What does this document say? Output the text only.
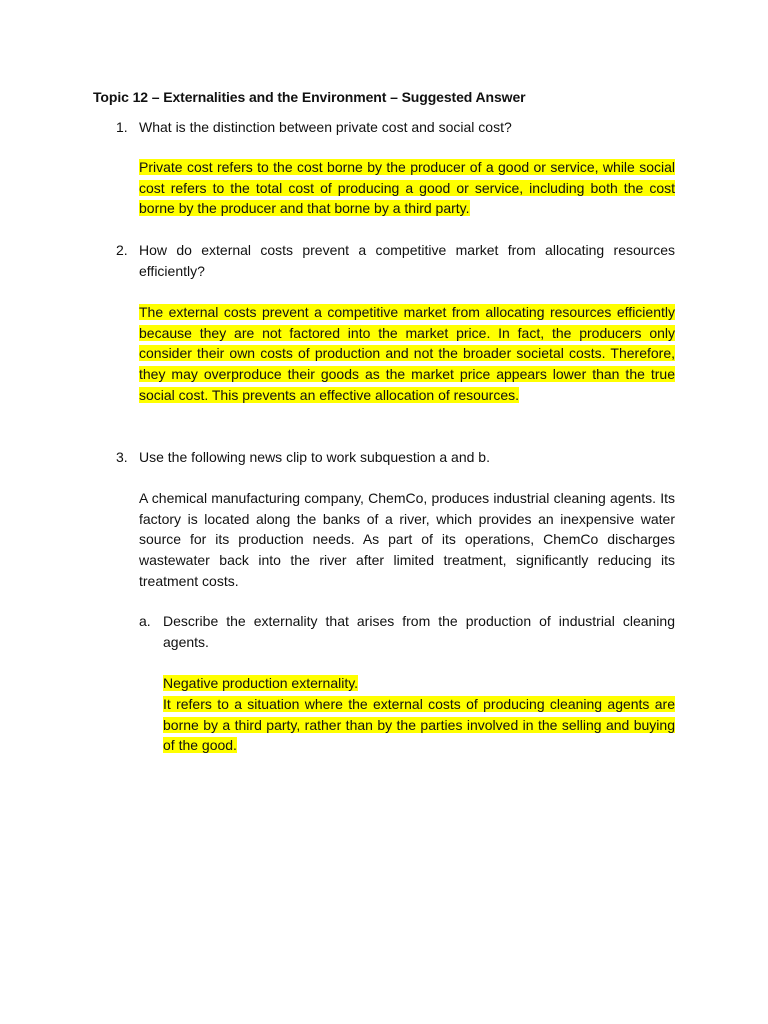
Topic 12 – Externalities and the Environment – Suggested Answer
1. What is the distinction between private cost and social cost?
Private cost refers to the cost borne by the producer of a good or service, while social cost refers to the total cost of producing a good or service, including both the cost borne by the producer and that borne by a third party.
2. How do external costs prevent a competitive market from allocating resources efficiently?
The external costs prevent a competitive market from allocating resources efficiently because they are not factored into the market price. In fact, the producers only consider their own costs of production and not the broader societal costs. Therefore, they may overproduce their goods as the market price appears lower than the true social cost. This prevents an effective allocation of resources.
3. Use the following news clip to work subquestion a and b.
A chemical manufacturing company, ChemCo, produces industrial cleaning agents. Its factory is located along the banks of a river, which provides an inexpensive water source for its production needs. As part of its operations, ChemCo discharges wastewater back into the river after limited treatment, significantly reducing its treatment costs.
a. Describe the externality that arises from the production of industrial cleaning agents.
Negative production externality.
It refers to a situation where the external costs of producing cleaning agents are borne by a third party, rather than by the parties involved in the selling and buying of the good.
